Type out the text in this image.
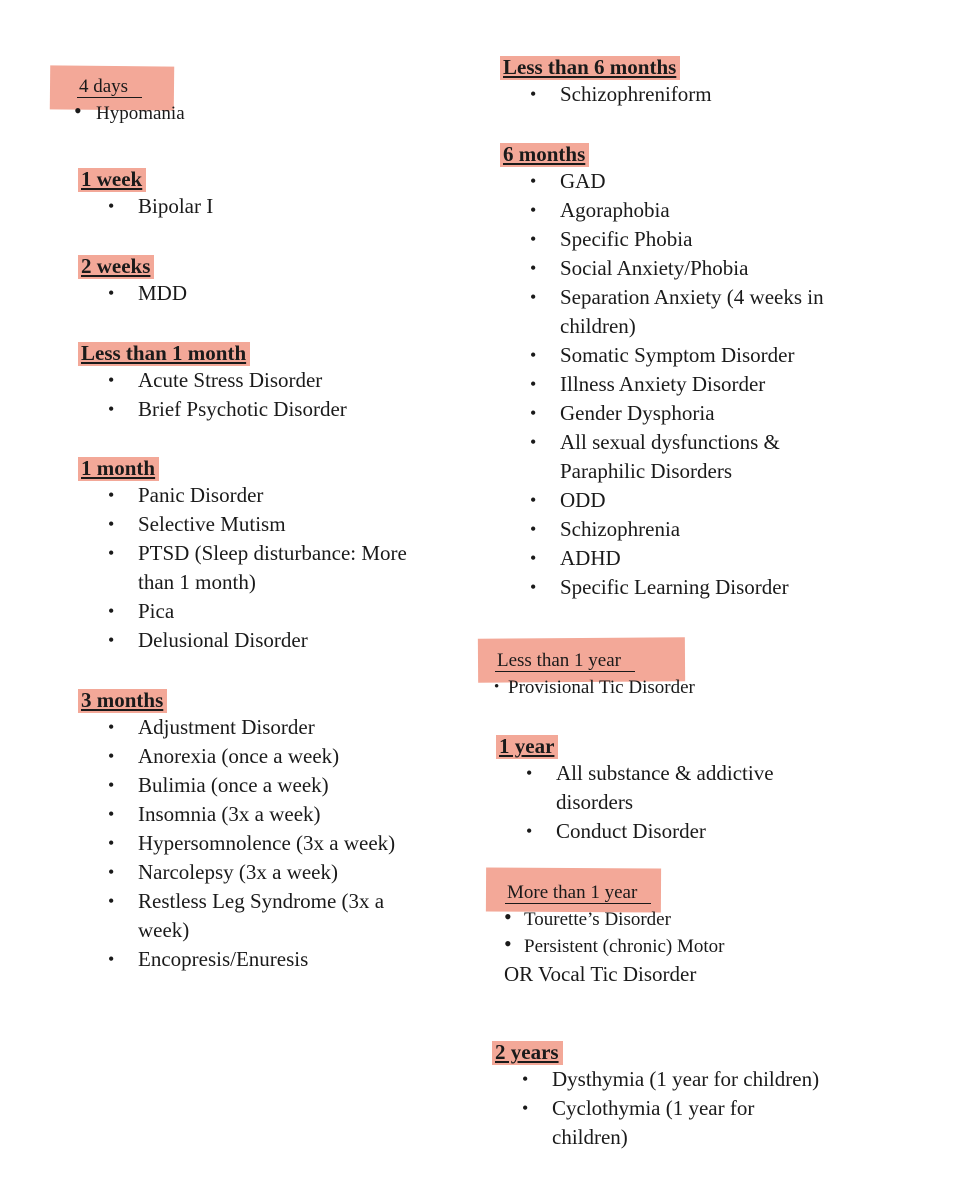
4 days
• Hypomania
1 week
•	Bipolar I
2 weeks
•	MDD
Less than 1 month
•	Acute Stress Disorder
•	Brief Psychotic Disorder
1 month
•	Panic Disorder
•	Selective Mutism
•	PTSD (Sleep disturbance: More
than 1 month)
•	Pica
•	Delusional Disorder
3 months
•	Adjustment Disorder
•	Anorexia (once a week)
•	Bulimia (once a week)
•	Insomnia (3x a week)
•	Hypersomnolence (3x a week)
•	Narcolepsy (3x a week)
•	Restless Leg Syndrome (3x a
week)
•	Encopresis/Enuresis
Less than 6 months
•	Schizophreniform
6 months
•	GAD
•	Agoraphobia
•	Specific Phobia
•	Social Anxiety/Phobia
•	Separation Anxiety (4 weeks in
children)
•	Somatic Symptom Disorder
•	Illness Anxiety Disorder
•	Gender Dysphoria
•	All sexual dysfunctions &
Paraphilic Disorders
•	ODD
•	Schizophrenia
•	ADHD
•	Specific Learning Disorder
Less than 1 year
• Provisional Tic Disorder
1 year
•	All substance & addictive
disorders
•	Conduct Disorder
More than 1 year
• Tourette’s Disorder
• Persistent (chronic) Motor
OR Vocal Tic Disorder
2 years
•	Dysthymia (1 year for children)
•	Cyclothymia (1 year for
children)
